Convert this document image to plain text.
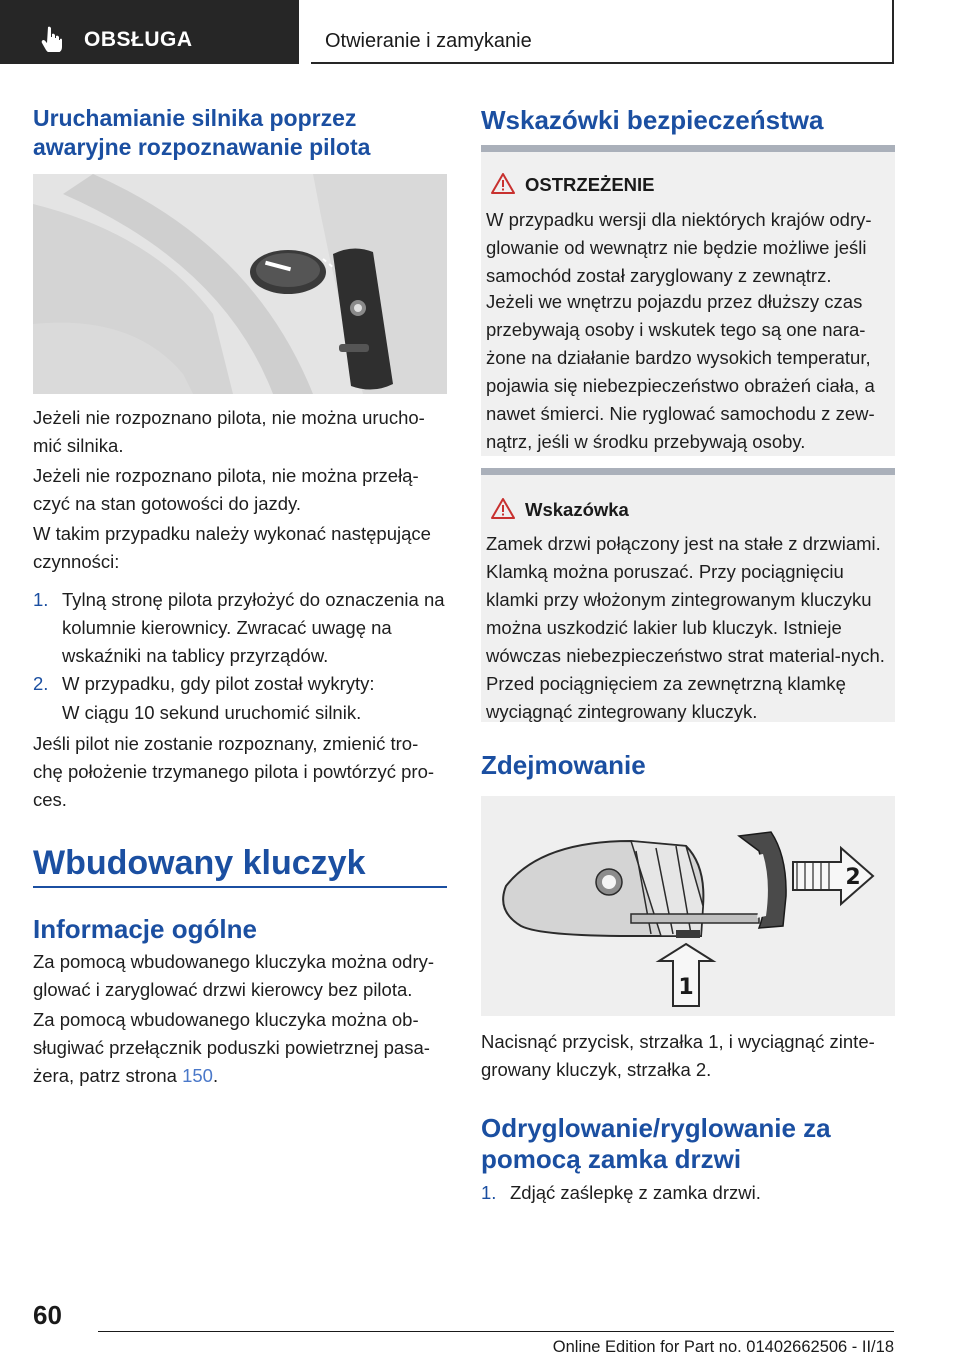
OBSŁUGA	Otwieranie i zamykanie
Uruchamianie silnika poprzez awaryjne rozpoznawanie pilota

Jeżeli nie rozpoznano pilota, nie można urucho‐mić silnika.

Jeżeli nie rozpoznano pilota, nie można przełą‐czyć na stan gotowości do jazdy.

W takim przypadku należy wykonać następujące czynności:

1. Tylną stronę pilota przyłożyć do oznaczenia na kolumnie kierownicy. Zwracać uwagę na wskaźniki na tablicy przyrządów.

2. W przypadku, gdy pilot został wykryty:

W ciągu 10 sekund uruchomić silnik.

Jeśli pilot nie zostanie rozpoznany, zmienić tro‐chę położenie trzymanego pilota i powtórzyć pro‐ces.

Wbudowany kluczyk
Informacje ogólne

Za pomocą wbudowanego kluczyka można odry‐glować i zaryglować drzwi kierowcy bez pilota.

Za pomocą wbudowanego kluczyka można ob‐sługiwać przełącznik poduszki powietrznej pasa‐żera, patrz strona 150.

Wskazówki bezpieczeństwa
OSTRZEŻENIE

W przypadku wersji dla niektórych krajów odry‐glowanie od wewnątrz nie będzie możliwe jeśli samochód został zaryglowany z zewnątrz.

Jeżeli we wnętrzu pojazdu przez dłuższy czas przebywają osoby i wskutek tego są one nara‐żone na działanie bardzo wysokich temperatur, pojawia się niebezpieczeństwo obrażeń ciała, a nawet śmierci. Nie ryglować samochodu z zew‐nątrz, jeśli w środku przebywają osoby.

Wskazówka

Zamek drzwi połączony jest na stałe z drzwiami. Klamką można poruszać. Przy pociągnięciu klamki przy włożonym zintegrowanym kluczyku można uszkodzić lakier lub kluczyk. Istnieje wówczas niebezpieczeństwo strat material‐nych. Przed pociągnięciem za zewnętrzną klamkę wyciągnąć zintegrowany kluczyk.

Zdejmowanie
1
2

Nacisnąć przycisk, strzałka 1, i wyciągnąć zinte‐growany kluczyk, strzałka 2.

Odryglowanie/ryglowanie za pomocą zamka drzwi
1. Zdjąć zaślepkę z zamka drzwi.

60
Online Edition for Part no. 01402662506 - II/18
